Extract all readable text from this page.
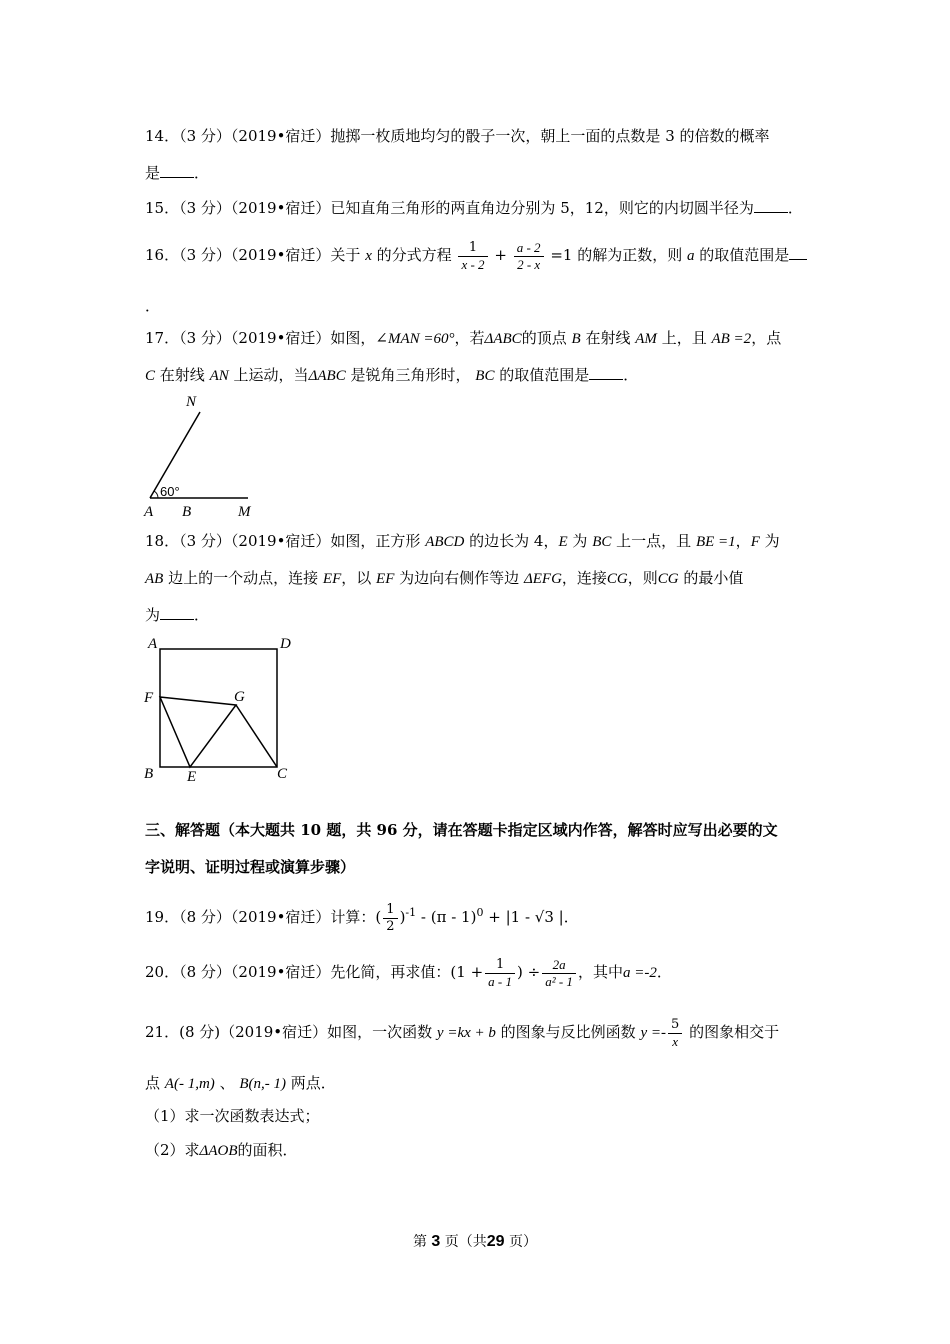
14．（3 分）（2019•宿迁）抛掷一枚质地均匀的骰子一次，朝上一面的点数是 3 的倍数的概率
是 ．
15．（3 分）（2019•宿迁）已知直角三角形的两直角边分别为 5，12，则它的内切圆半径为 ．
16．（3 分）（2019•宿迁）关于 x 的分式方程 $\frac{1}{x - 2} + \frac{a - 2}{2 - x} =1$ 的解为正数，则 a 的取值范围是
．
17．（3 分）（2019•宿迁）如图，∠MAN =60°，若ΔABC的顶点 B 在射线 AM 上，且 AB =2，点
C 在射线 AN 上运动，当ΔABC 是锐角三角形时， BC 的取值范围是 ．
N
60°
A B	M
18．（3 分）（2019•宿迁）如图，正方形 ABCD 的边长为 4，E 为 BC 上一点，且 BE =1，F 为
AB 边上的一个动点，连接 EF，以 EF 为边向右侧作等边 ΔEFG，连接CG，则CG 的最小值
为 ．
A	D
F	G
B E	C
三、解答题（本大题共 10 题，共 96 分，请在答题卡指定区域内作答，解答时应写出必要的文
字说明、证明过程或演算步骤）
19．（8 分）（2019•宿迁）计算：( $\frac{1}{2} )^{-1} - (\pi - 1)^0 + |1 - √3$ |．
20．（8 分）（2019•宿迁）先化简，再求值：($1 + \frac{1}{a - 1}$ ) ÷ $\frac{2a}{\text{a² - 1}}$ ，其中a =-2．
21．(8 分)（2019•宿迁）如图，一次函数 y =kx + b 的图象与反比例函数 $y =- \frac{5}{x}$ 的图象相交于
点 A(- 1,m) 、 B(n,- 1) 两点．
（1）求一次函数表达式；
（2）求ΔAOB的面积．
第 3 页（共29 页）
